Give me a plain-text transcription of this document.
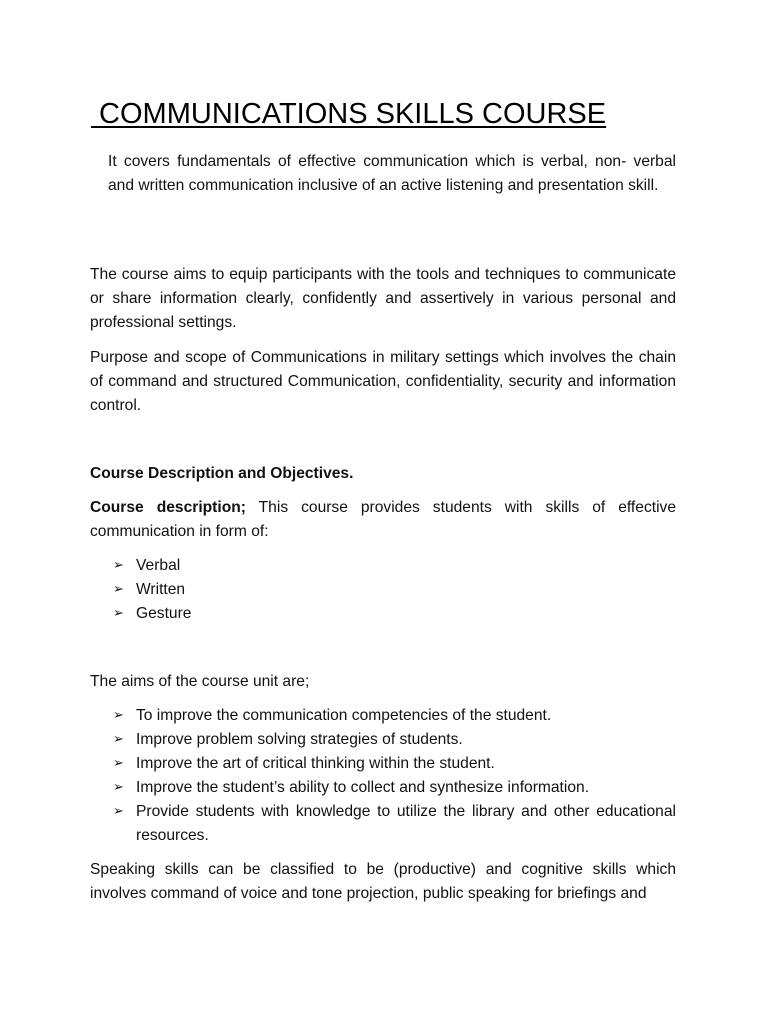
COMMUNICATIONS SKILLS COURSE

It covers fundamentals of effective communication which is verbal, non- verbal and written communication inclusive of an active listening and presentation skill.

The course aims to equip participants with the tools and techniques to communicate or share information clearly, confidently and assertively in various personal and professional settings.

Purpose and scope of Communications in military settings which involves the chain of command and structured Communication, confidentiality, security and information control.

Course Description and Objectives.

Course description; This course provides students with skills of effective communication in form of:

➢ Verbal
➢ Written
➢ Gesture

The aims of the course unit are;

➢ To improve the communication competencies of the student.
➢ Improve problem solving strategies of students.
➢ Improve the art of critical thinking within the student.
➢ Improve the student’s ability to collect and synthesize information.
➢ Provide students with knowledge to utilize the library and other educational resources.

Speaking skills can be classified to be (productive) and cognitive skills which involves command of voice and tone projection, public speaking for briefings and
